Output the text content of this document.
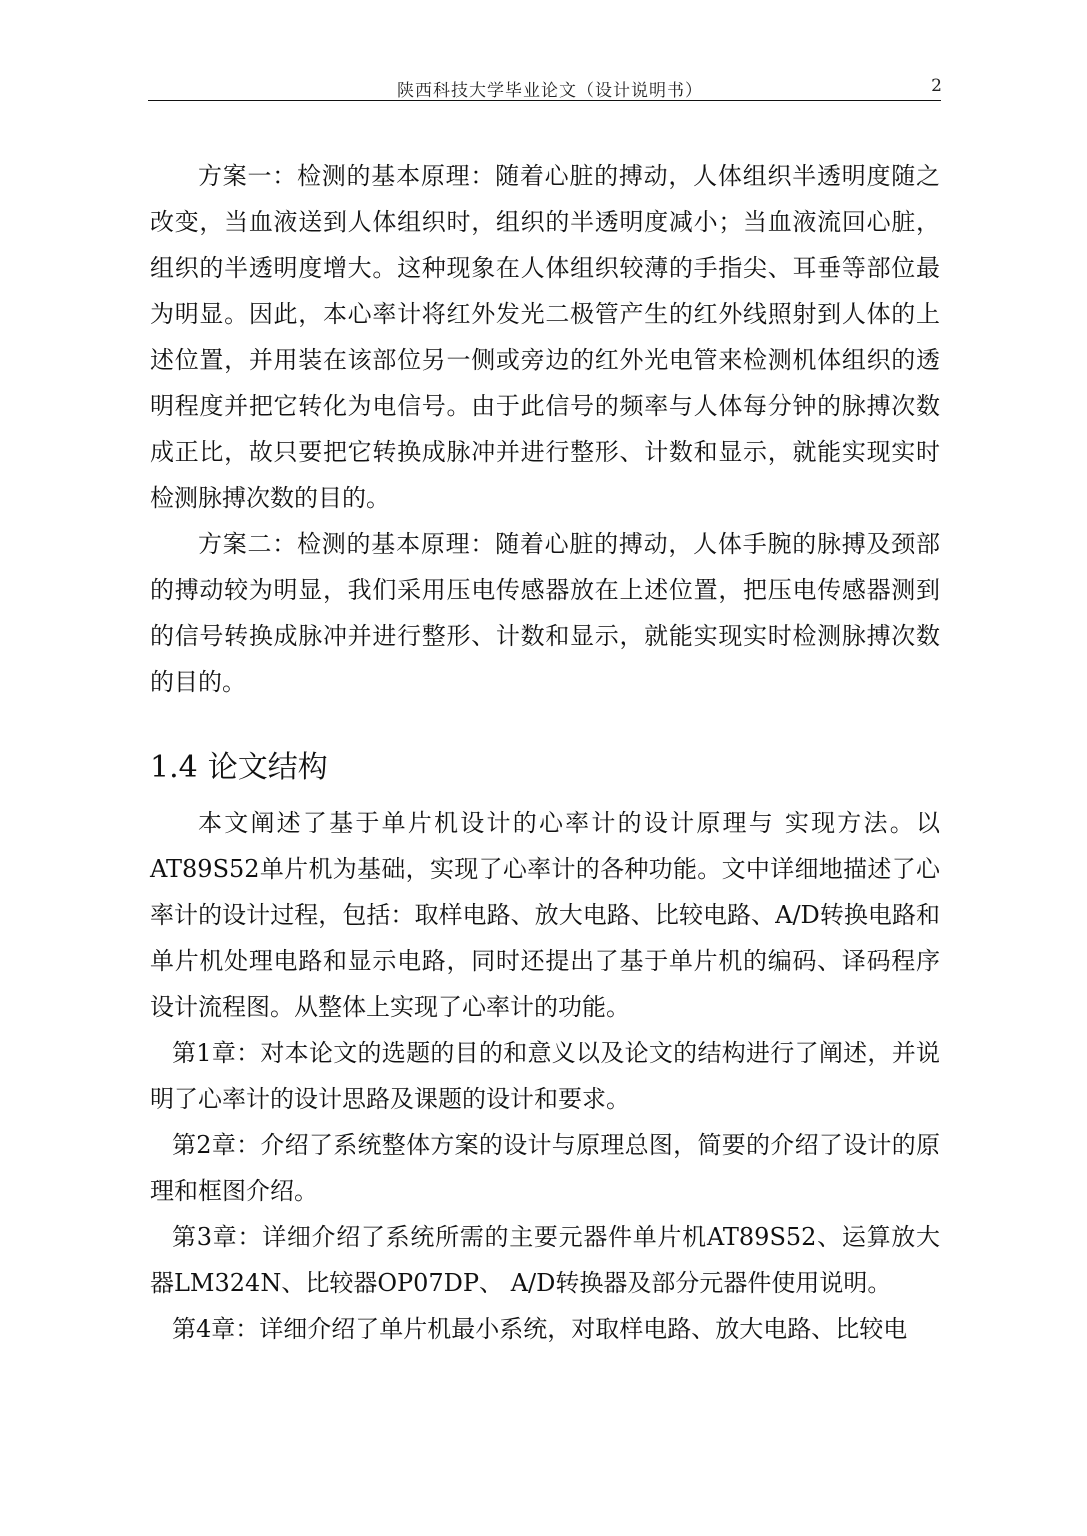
陕西科技大学毕业论文（设计说明书）	2

方案一：检测的基本原理：随着心脏的搏动，人体组织半透明度随之改变，当血液送到人体组织时，组织的半透明度减小；当血液流回心脏，组织的半透明度增大。这种现象在人体组织较薄的手指尖、耳垂等部位最为明显。因此，本心率计将红外发光二极管产生的红外线照射到人体的上述位置，并用装在该部位另一侧或旁边的红外光电管来检测机体组织的透明程度并把它转化为电信号。由于此信号的频率与人体每分钟的脉搏次数成正比，故只要把它转换成脉冲并进行整形、计数和显示，就能实现实时检测脉搏次数的目的。

方案二：检测的基本原理：随着心脏的搏动，人体手腕的脉搏及颈部的搏动较为明显，我们采用压电传感器放在上述位置，把压电传感器测到的信号转换成脉冲并进行整形、计数和显示，就能实现实时检测脉搏次数的目的。

1.4 论文结构

本文阐述了基于单片机设计的心率计的设计原理与 实现方法。以AT89S52单片机为基础，实现了心率计的各种功能。文中详细地描述了心率计的设计过程，包括：取样电路、放大电路、比较电路、A/D转换电路和单片机处理电路和显示电路，同时还提出了基于单片机的编码、译码程序设计流程图。从整体上实现了心率计的功能。

第1章：对本论文的选题的目的和意义以及论文的结构进行了阐述，并说明了心率计的设计思路及课题的设计和要求。

第2章：介绍了系统整体方案的设计与原理总图，简要的介绍了设计的原理和框图介绍。

第3章：详细介绍了系统所需的主要元器件单片机AT89S52、运算放大器LM324N、比较器OP07DP、 A/D转换器及部分元器件使用说明。

第4章：详细介绍了单片机最小系统，对取样电路、放大电路、比较电
